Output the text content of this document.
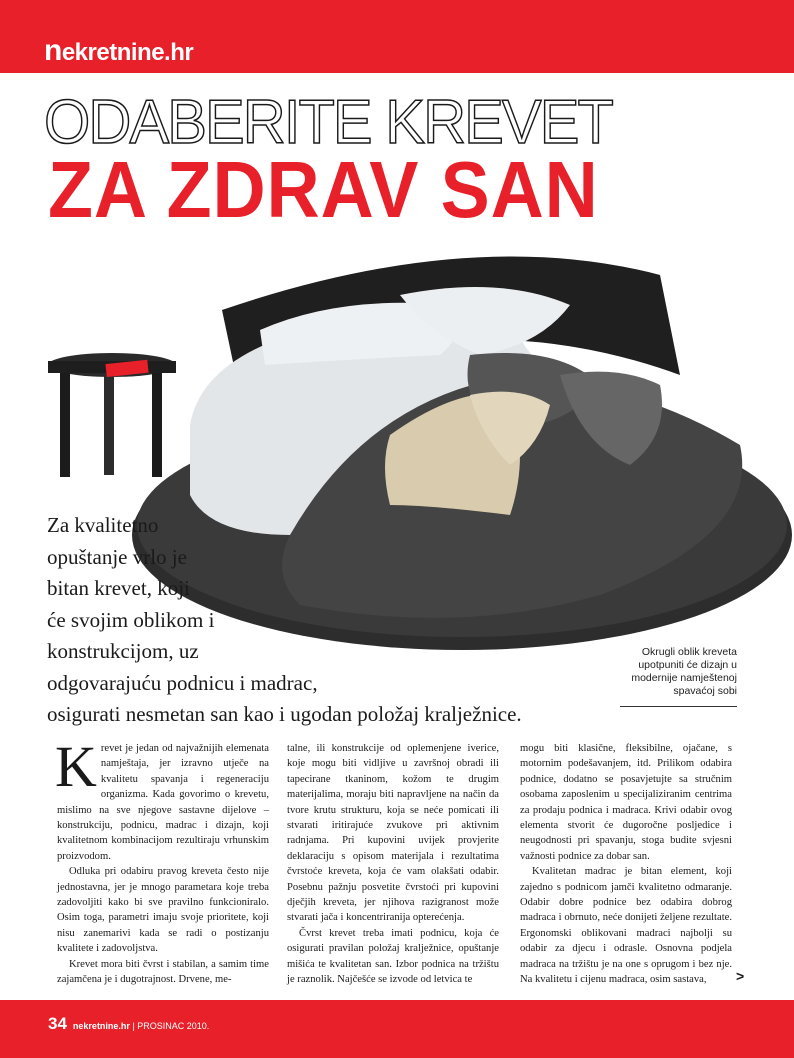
nekretnine.hr
ODABERITE KREVET
ZA ZDRAV SAN
Za kvalitetno
opuštanje vrlo je
bitan krevet, koji
će svojim oblikom i
konstrukcijom, uz
odgovarajuću podnicu i madrac,
osigurati nesmetan san kao i ugodan položaj kralježnice.
Okrugli oblik kreveta upotpuniti će dizajn u modernije namještenoj spavaćoj sobi

Krevet je jedan od najvažnijih elemenata namještaja, jer izravno utječe na kvalitetu spavanja i regeneraciju organizma. Kada govorimo o krevetu, mislimo na sve njegove sastavne dijelove – konstrukciju, podnicu, madrac i dizajn, koji kvalitetnom kombinacijom rezultiraju vrhunskim proizvodom.

Odluka pri odabiru pravog kreveta često nije jednostavna, jer je mnogo parametara koje treba zadovoljiti kako bi sve pravilno funkcioniralo. Osim toga, parametri imaju svoje prioritete, koji nisu zanemarivi kada se radi o postizanju kvalitete i zadovoljstva.

Krevet mora biti čvrst i stabilan, a samim time zajamčena je i dugotrajnost. Drvene, me-

talne, ili konstrukcije od oplemenjene iverice, koje mogu biti vidljive u završnoj obradi ili tapecirane tkaninom, kožom te drugim materijalima, moraju biti napravljene na način da tvore krutu strukturu, koja se neće pomicati ili stvarati iritirajuće zvukove pri aktivnim radnjama. Pri kupovini uvijek provjerite deklaraciju s opisom materijala i rezultatima čvrstoće kreveta, koja će vam olakšati odabir. Posebnu pažnju posvetite čvrstoći pri kupovini dječjih kreveta, jer njihova razigranost može stvarati jača i koncentriranija opterećenja.

Čvrst krevet treba imati podnicu, koja će osigurati pravilan položaj kralježnice, opuštanje mišića te kvalitetan san. Izbor podnica na tržištu je raznolik. Najčešće se izvode od letvica te

mogu biti klasične, fleksibilne, ojačane, s motornim podešavanjem, itd. Prilikom odabira podnice, dodatno se posavjetujte sa stručnim osobama zaposlenim u specijaliziranim centrima za prodaju podnica i madraca. Krivi odabir ovog elementa stvorit će dugoročne posljedice i neugodnosti pri spavanju, stoga budite svjesni važnosti podnice za dobar san.

Kvalitetan madrac je bitan element, koji zajedno s podnicom jamči kvalitetno odmaranje. Odabir dobre podnice bez odabira dobrog madraca i obrnuto, neće donijeti željene rezultate. Ergonomski oblikovani madraci najbolji su odabir za djecu i odrasle. Osnovna podjela madraca na tržištu je na one s oprugom i bez nje. Na kvalitetu i cijenu madraca, osim sastava,	>
34 nekretnine.hr | PROSINAC 2010.
